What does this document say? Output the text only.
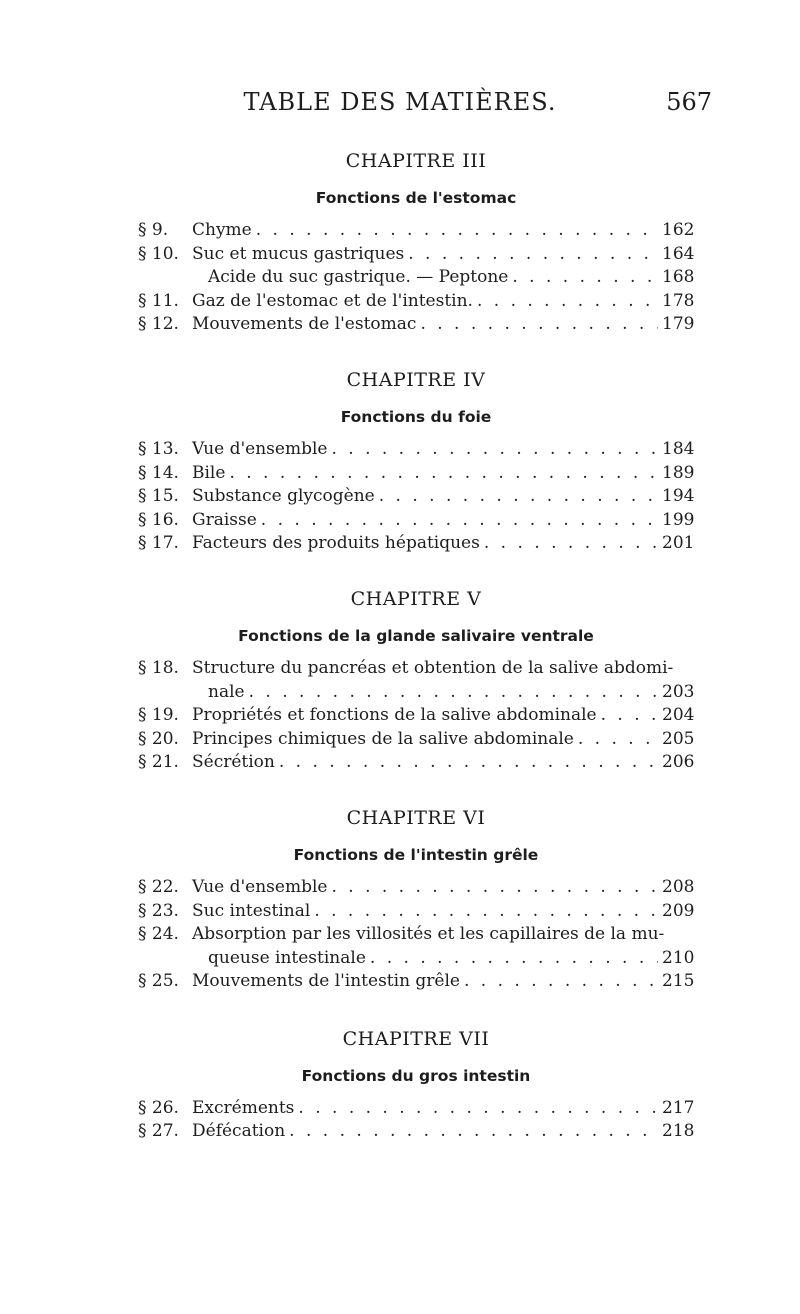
TABLE DES MATIÈRES.	567
CHAPITRE III
Fonctions de l'estomac
§ 9.	Chyme . . .	162
§ 10. Suc et mucus gastriques . . .	164
Acide du suc gastrique. — Peptone . . .	168
§ 11. Gaz de l'estomac et de l'intestin. . . .	178
§ 12. Mouvements de l'estomac . . .	179
CHAPITRE IV
Fonctions du foie
§ 13. Vue d'ensemble . . .	184
§ 14. Bile . . .	189
§ 15. Substance glycogène . . .	194
§ 16. Graisse . . .	199
§ 17. Facteurs des produits hépatiques . . .	201
CHAPITRE V
Fonctions de la glande salivaire ventrale
§ 18. Structure du pancréas et obtention de la salive abdomi-
nale . . .	203
§ 19. Propriétés et fonctions de la salive abdominale . . .	204
§ 20. Principes chimiques de la salive abdominale . . .	205
§ 21. Sécrétion . . .	206
CHAPITRE VI
Fonctions de l'intestin grêle
§ 22. Vue d'ensemble . . .	208
§ 23. Suc intestinal . . .	209
§ 24. Absorption par les villosités et les capillaires de la mu-
queuse intestinale . . .	210
§ 25. Mouvements de l'intestin grêle . . .	215
CHAPITRE VII
Fonctions du gros intestin
§ 26. Excréments . . .	217
§ 27. Défécation . . .	218
